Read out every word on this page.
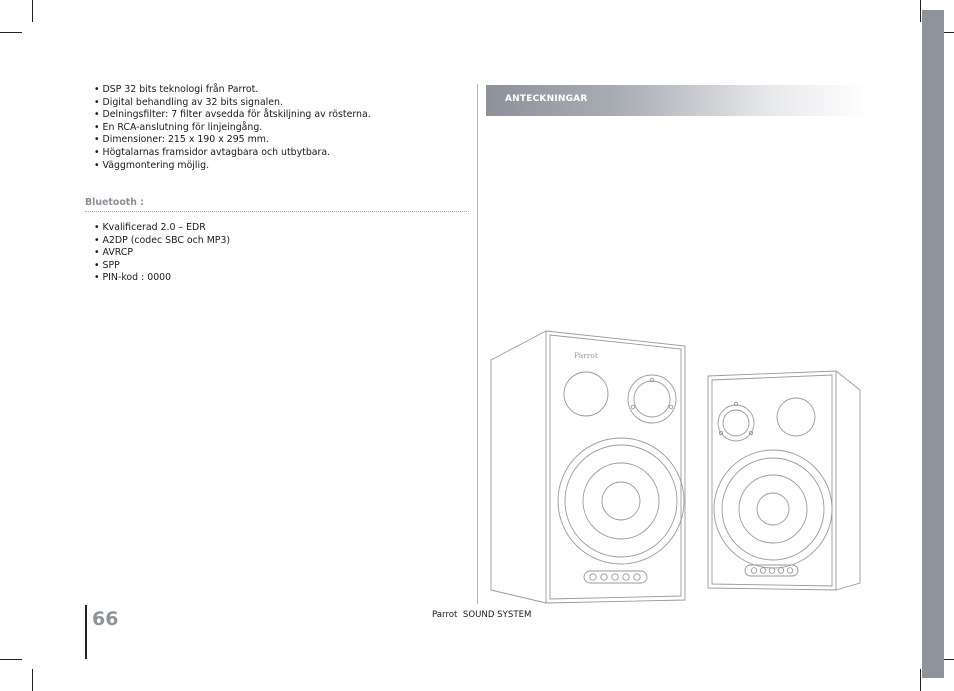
• DSP 32 bits teknologi från Parrot.
• Digital behandling av 32 bits signalen.
• Delningsfilter: 7 filter avsedda för åtskiljning av rösterna.
• En RCA-anslutning för linjeingång.
• Dimensioner: 215 x 190 x 295 mm.
• Högtalarnas framsidor avtagbara och utbytbara.
• Väggmontering möjlig.
Bluetooth :
• Kvalificerad 2.0 – EDR
• A2DP (codec SBC och MP3)
• AVRCP
• SPP
• PIN-kod : 0000
ANTECKNINGAR
Parrot
66	Parrot SOUND SYSTEM
